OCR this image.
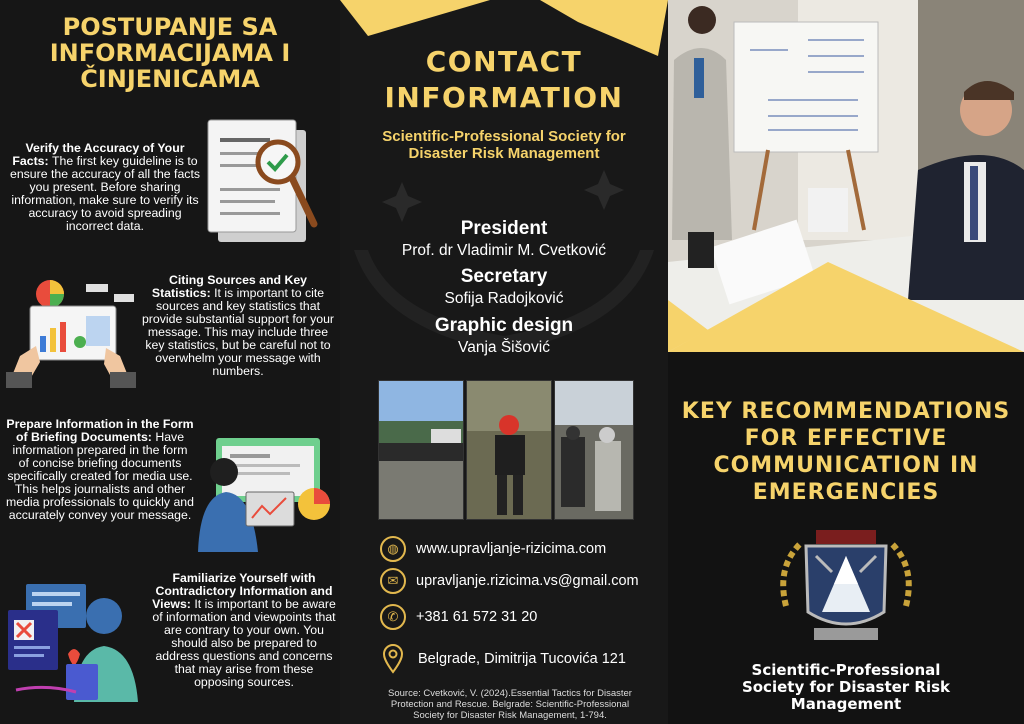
POSTUPANJE SA
INFORMACIJAMA I
ČINJENICAMA
Verify the Accuracy of Your Facts: The first key guideline is to ensure the accuracy of all the facts you present. Before sharing information, make sure to verify its accuracy to avoid spreading incorrect data.
Citing Sources and Key Statistics: It is important to cite sources and key statistics that provide substantial support for your message. This may include three key statistics, but be careful not to overwhelm your message with numbers.
Prepare Information in the Form of Briefing Documents: Have information prepared in the form of concise briefing documents specifically created for media use. This helps journalists and other media professionals to quickly and accurately convey your message.
Familiarize Yourself with Contradictory Information and Views: It is important to be aware of information and viewpoints that are contrary to your own. You should also be prepared to address questions and concerns that may arise from these opposing sources.
CONTACT
INFORMATION
Scientific-Professional Society for Disaster Risk Management
President
Prof. dr Vladimir M. Cvetković
Secretary
Sofija Radojković
Graphic design
Vanja Šišović
◍	www.upravljanje-rizicima.com
✉	upravljanje.rizicima.vs@gmail.com
✆	+381 61 572 31 20
Belgrade, Dimitrija Tucovića 121
Source: Cvetković, V. (2024).Essential Tactics for Disaster Protection and Rescue. Belgrade: Scientific-Professional Society for Disaster Risk Management, 1-794.
KEY RECOMMENDATIONS
FOR EFFECTIVE
COMMUNICATION IN
EMERGENCIES
Scientific-Professional
Society for Disaster Risk
Management
